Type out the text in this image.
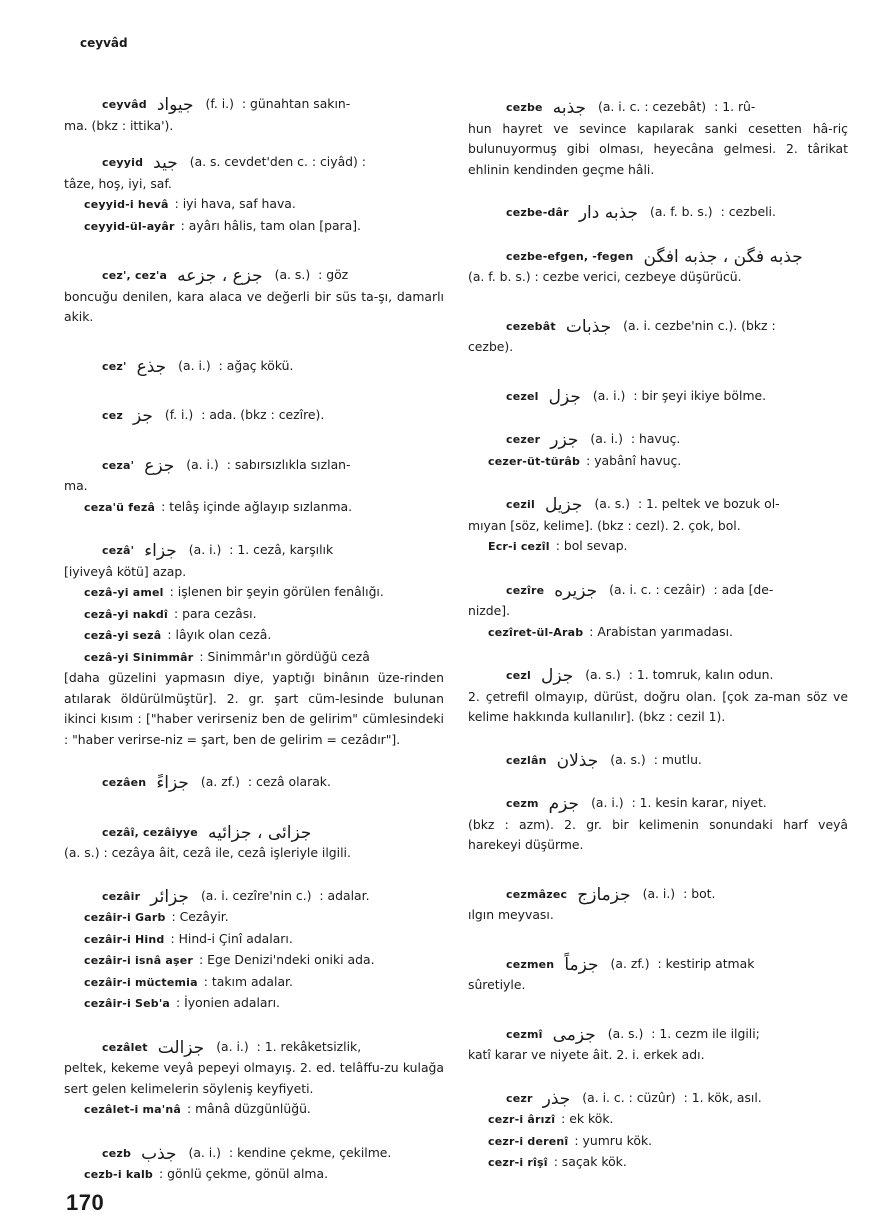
ceyvâd
ceyvâd جيواد (f. i.) : günahtan sakın-
ma. (bkz : ittika').
ceyyid جيد (a. s. cevdet'den c. : ciyâd) :
tâze, hoş, iyi, saf.
ceyyid-i hevâ : iyi hava, saf hava.
ceyyid-ül-ayâr : ayârı hâlis, tam olan [para].
cez', cez'a جزع ، جزعه (a. s.) : göz
boncuğu denilen, kara alaca ve değerli bir süs ta-şı, damarlı akik.
cez' جذع (a. i.) : ağaç kökü.
cez جز (f. i.) : ada. (bkz : cezîre).
ceza' جزع (a. i.) : sabırsızlıkla sızlan-
ma.
ceza'ü fezâ : telâş içinde ağlayıp sızlanma.
cezâ' جزاء (a. i.) : 1. cezâ, karşılık
[iyiveyâ kötü] azap.
cezâ-yi amel : işlenen bir şeyin görülen fenâlığı.
cezâ-yi nakdî : para cezâsı.
cezâ-yi sezâ : lâyık olan cezâ.
cezâ-yi Sinimmâr : Sinimmâr'ın gördüğü cezâ
[daha güzelini yapmasın diye, yaptığı binânın üze-rinden atılarak öldürülmüştür]. 2. gr. şart cüm-lesinde bulunan ikinci kısım : ["haber verirseniz ben de gelirim" cümlesindeki : "haber verirse-niz = şart, ben de gelirim = cezâdır"].
cezâen جزاءً (a. zf.) : cezâ olarak.
cezâî, cezâiyye جزائى ، جزائيه
(a. s.) : cezâya âit, cezâ ile, cezâ işleriyle ilgili.
cezâir جزائر (a. i. cezîre'nin c.) : adalar.
cezâir-i Garb : Cezâyir.
cezâir-i Hind : Hind-i Çinî adaları.
cezâir-i isnâ aşer : Ege Denizi'ndeki oniki ada.
cezâir-i müctemia : takım adalar.
cezâir-i Seb'a : İyonien adaları.
cezâlet جزالت (a. i.) : 1. rekâketsizlik,
peltek, kekeme veyâ pepeyi olmayış. 2. ed. telâffu-zu kulağa sert gelen kelimelerin söyleniş keyfiyeti.
cezâlet-i ma'nâ : mânâ düzgünlüğü.
cezb جذب (a. i.) : kendine çekme, çekilme.
cezb-i kalb : gönlü çekme, gönül alma.
cezbe جذبه (a. i. c. : cezebât) : 1. rû-
hun hayret ve sevince kapılarak sanki cesetten hâ-riç bulunuyormuş gibi olması, heyecâna gelmesi. 2. târikat ehlinin kendinden geçme hâli.
cezbe-dâr جذبه دار (a. f. b. s.) : cezbeli.
cezbe-efgen, -fegen جذبه فگن ، جذبه افگن
(a. f. b. s.) : cezbe verici, cezbeye düşürücü.
cezebât جذبات (a. i. cezbe'nin c.). (bkz :
cezbe).
cezel جزل (a. i.) : bir şeyi ikiye bölme.
cezer جزر (a. i.) : havuç.
cezer-üt-türâb : yabânî havuç.
cezil جزيل (a. s.) : 1. peltek ve bozuk ol-
mıyan [söz, kelime]. (bkz : cezl). 2. çok, bol.
Ecr-i cezîl : bol sevap.
cezîre جزيره (a. i. c. : cezâir) : ada [de-
nizde].
cezîret-ül-Arab : Arabistan yarımadası.
cezl جزل (a. s.) : 1. tomruk, kalın odun.
2. çetrefil olmayıp, dürüst, doğru olan. [çok za-man söz ve kelime hakkında kullanılır]. (bkz : cezil 1).
cezlân جذلان (a. s.) : mutlu.
cezm جزم (a. i.) : 1. kesin karar, niyet.
(bkz : azm). 2. gr. bir kelimenin sonundaki harf veyâ harekeyi düşürme.
cezmâzec جزمازج (a. i.) : bot.
ılgın meyvası.
cezmen جزماً (a. zf.) : kestirip atmak
sûretiyle.
cezmî جزمى (a. s.) : 1. cezm ile ilgili;
katî karar ve niyete âit. 2. i. erkek adı.
cezr جذر (a. i. c. : cüzûr) : 1. kök, asıl.
cezr-i ârızî : ek kök.
cezr-i derenî : yumru kök.
cezr-i rîşî : saçak kök.
170
